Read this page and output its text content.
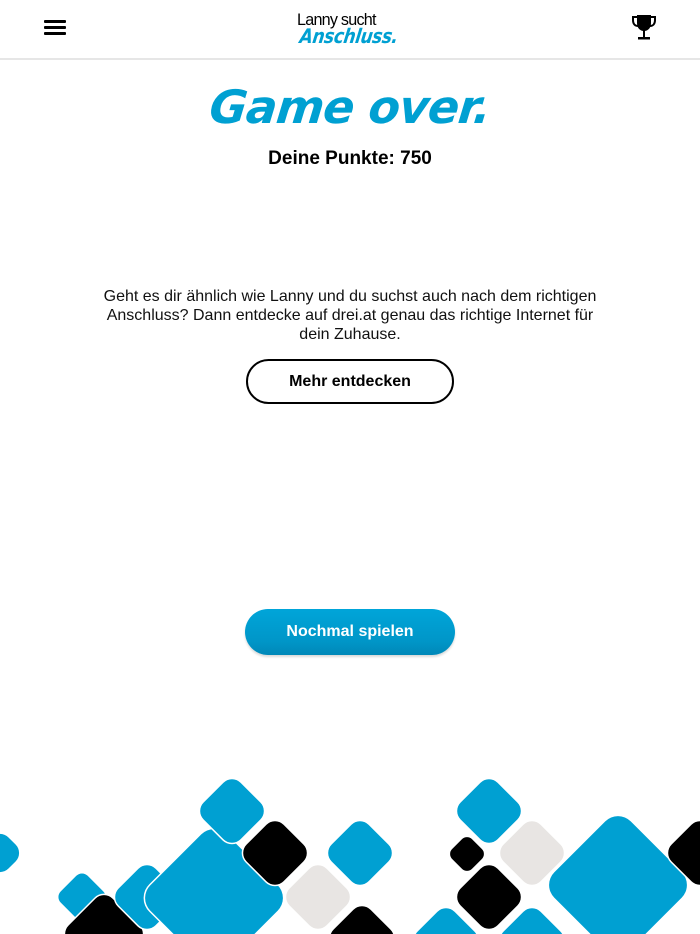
Lanny sucht
Anschluss.
Game over.
Deine Punkte: 750
Geht es dir ähnlich wie Lanny und du suchst auch nach dem richtigen Anschluss? Dann entdecke auf drei.at genau das richtige Internet für dein Zuhause.
Mehr entdecken
Nochmal spielen
